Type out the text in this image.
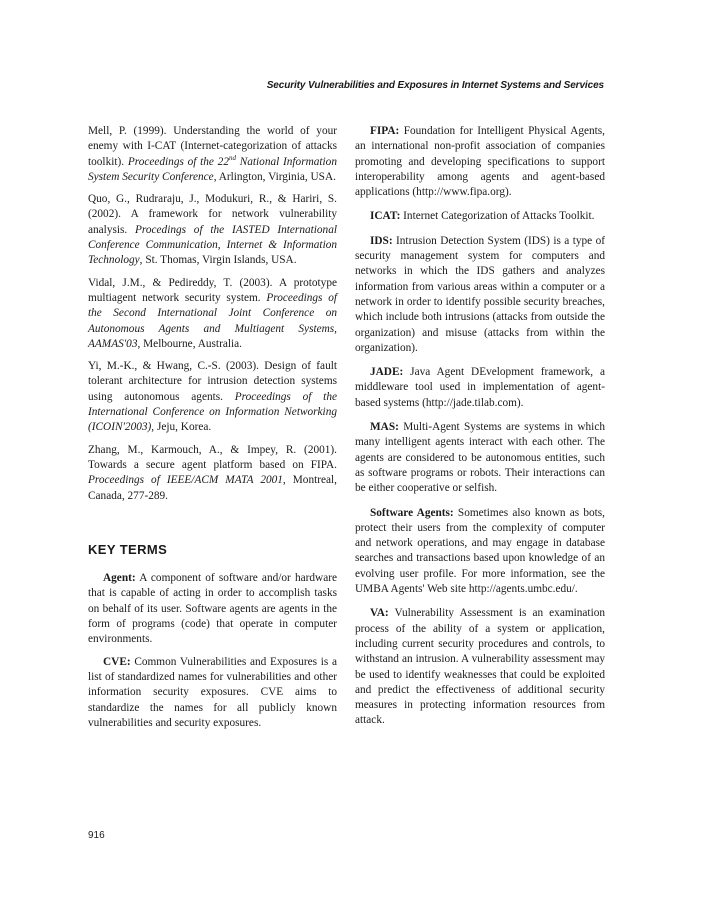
Security Vulnerabilities and Exposures in Internet Systems and Services

Mell, P. (1999). Understanding the world of your enemy with I-CAT (Internet-categorization of attacks toolkit). Proceedings of the 22nd National Information System Security Conference, Arlington, Virginia, USA.

Quo, G., Rudraraju, J., Modukuri, R., & Hariri, S. (2002). A framework for network vulnerability analysis. Procedings of the IASTED International Conference Communication, Internet & Information Technology, St. Thomas, Virgin Islands, USA.

Vidal, J.M., & Pedireddy, T. (2003). A prototype multiagent network security system. Proceedings of the Second International Joint Conference on Autonomous Agents and Multiagent Systems, AAMAS'03, Melbourne, Australia.

Yi, M.-K., & Hwang, C.-S. (2003). Design of fault tolerant architecture for intrusion detection systems using autonomous agents. Proceedings of the International Conference on Information Networking (ICOIN'2003), Jeju, Korea.

Zhang, M., Karmouch, A., & Impey, R. (2001). Towards a secure agent platform based on FIPA. Proceedings of IEEE/ACM MATA 2001, Montreal, Canada, 277-289.

KEY TERMS

Agent: A component of software and/or hardware that is capable of acting in order to accomplish tasks on behalf of its user. Software agents are agents in the form of programs (code) that operate in computer environments.

CVE: Common Vulnerabilities and Exposures is a list of standardized names for vulnerabilities and other information security exposures. CVE aims to standardize the names for all publicly known vulnerabilities and security exposures.

FIPA: Foundation for Intelligent Physical Agents, an international non-profit association of companies promoting and developing specifications to support interoperability among agents and agent-based applications (http://www.fipa.org).

ICAT: Internet Categorization of Attacks Toolkit.

IDS: Intrusion Detection System (IDS) is a type of security management system for computers and networks in which the IDS gathers and analyzes information from various areas within a computer or a network in order to identify possible security breaches, which include both intrusions (attacks from outside the organization) and misuse (attacks from within the organization).

JADE: Java Agent DEvelopment framework, a middleware tool used in implementation of agent-based systems (http://jade.tilab.com).

MAS: Multi-Agent Systems are systems in which many intelligent agents interact with each other. The agents are considered to be autonomous entities, such as software programs or robots. Their interactions can be either cooperative or selfish.

Software Agents: Sometimes also known as bots, protect their users from the complexity of computer and network operations, and may engage in database searches and transactions based upon knowledge of an evolving user profile. For more information, see the UMBA Agents' Web site http://agents.umbc.edu/.

VA: Vulnerability Assessment is an examination process of the ability of a system or application, including current security procedures and controls, to withstand an intrusion. A vulnerability assessment may be used to identify weaknesses that could be exploited and predict the effectiveness of additional security measures in protecting information resources from attack.

916
